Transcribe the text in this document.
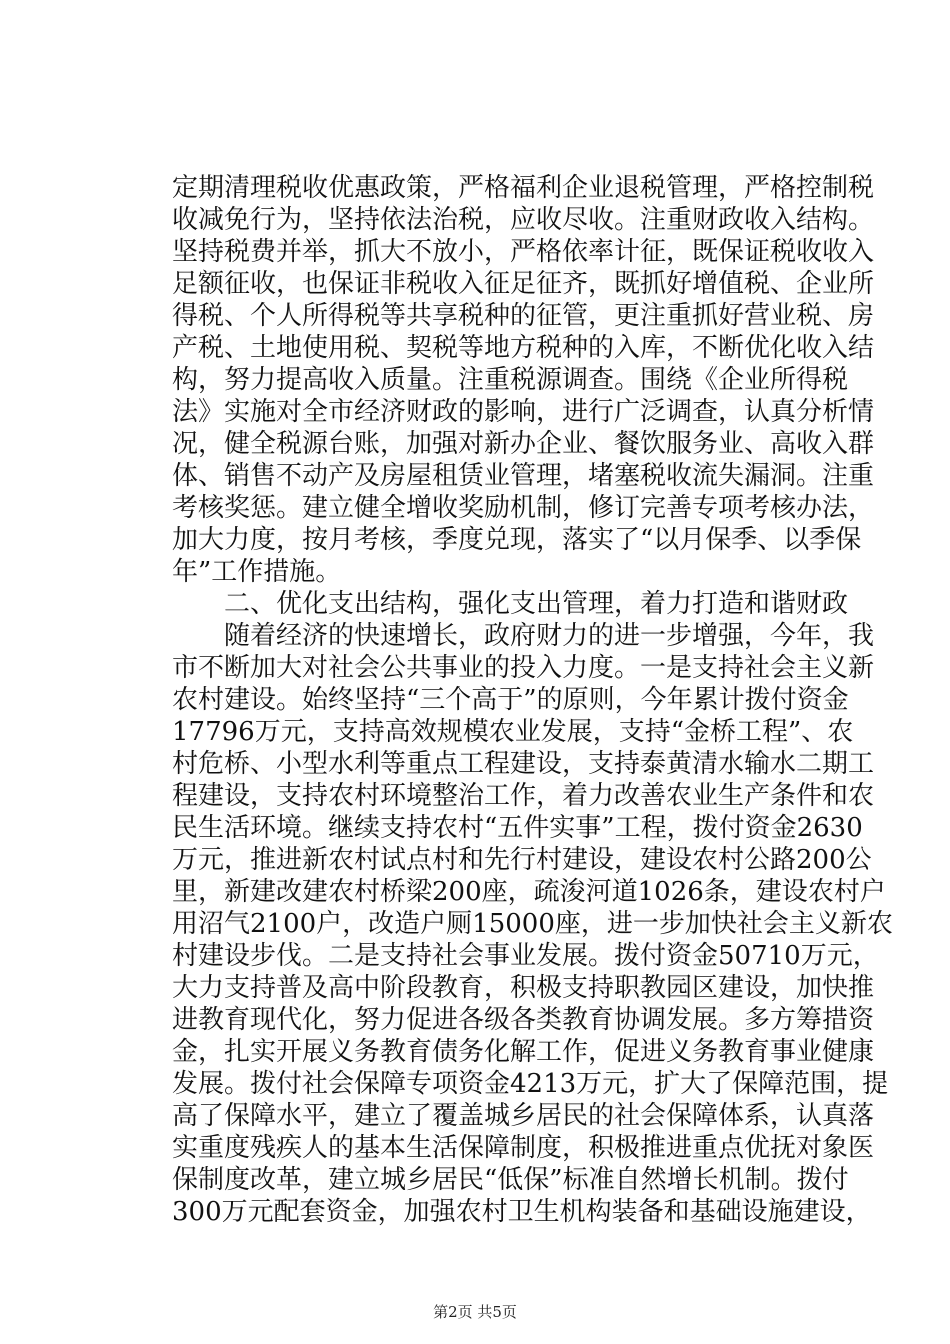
定期清理税收优惠政策，严格福利企业退税管理，严格控制税
收减免行为，坚持依法治税，应收尽收。注重财政收入结构。
坚持税费并举，抓大不放小，严格依率计征，既保证税收收入
足额征收，也保证非税收入征足征齐，既抓好增值税、企业所
得税、个人所得税等共享税种的征管，更注重抓好营业税、房
产税、土地使用税、契税等地方税种的入库，不断优化收入结
构，努力提高收入质量。注重税源调查。围绕《企业所得税
法》实施对全市经济财政的影响，进行广泛调查，认真分析情
况，健全税源台账，加强对新办企业、餐饮服务业、高收入群
体、销售不动产及房屋租赁业管理，堵塞税收流失漏洞。注重
考核奖惩。建立健全增收奖励机制，修订完善专项考核办法，
加大力度，按月考核，季度兑现，落实了“以月保季、以季保
年”工作措施。
二、优化支出结构，强化支出管理，着力打造和谐财政
随着经济的快速增长，政府财力的进一步增强，今年，我
市不断加大对社会公共事业的投入力度。一是支持社会主义新
农村建设。始终坚持“三个高于”的原则，今年累计拨付资金
17796万元，支持高效规模农业发展，支持“金桥工程”、农
村危桥、小型水利等重点工程建设，支持泰黄清水输水二期工
程建设，支持农村环境整治工作，着力改善农业生产条件和农
民生活环境。继续支持农村“五件实事”工程，拨付资金2630
万元，推进新农村试点村和先行村建设，建设农村公路200公
里，新建改建农村桥梁200座，疏浚河道1026条，建设农村户
用沼气2100户，改造户厕15000座，进一步加快社会主义新农
村建设步伐。二是支持社会事业发展。拨付资金50710万元，
大力支持普及高中阶段教育，积极支持职教园区建设，加快推
进教育现代化，努力促进各级各类教育协调发展。多方筹措资
金，扎实开展义务教育债务化解工作，促进义务教育事业健康
发展。拨付社会保障专项资金4213万元，扩大了保障范围，提
高了保障水平，建立了覆盖城乡居民的社会保障体系，认真落
实重度残疾人的基本生活保障制度，积极推进重点优抚对象医
保制度改革，建立城乡居民“低保”标准自然增长机制。拨付
300万元配套资金，加强农村卫生机构装备和基础设施建设，
第2页 共5页
